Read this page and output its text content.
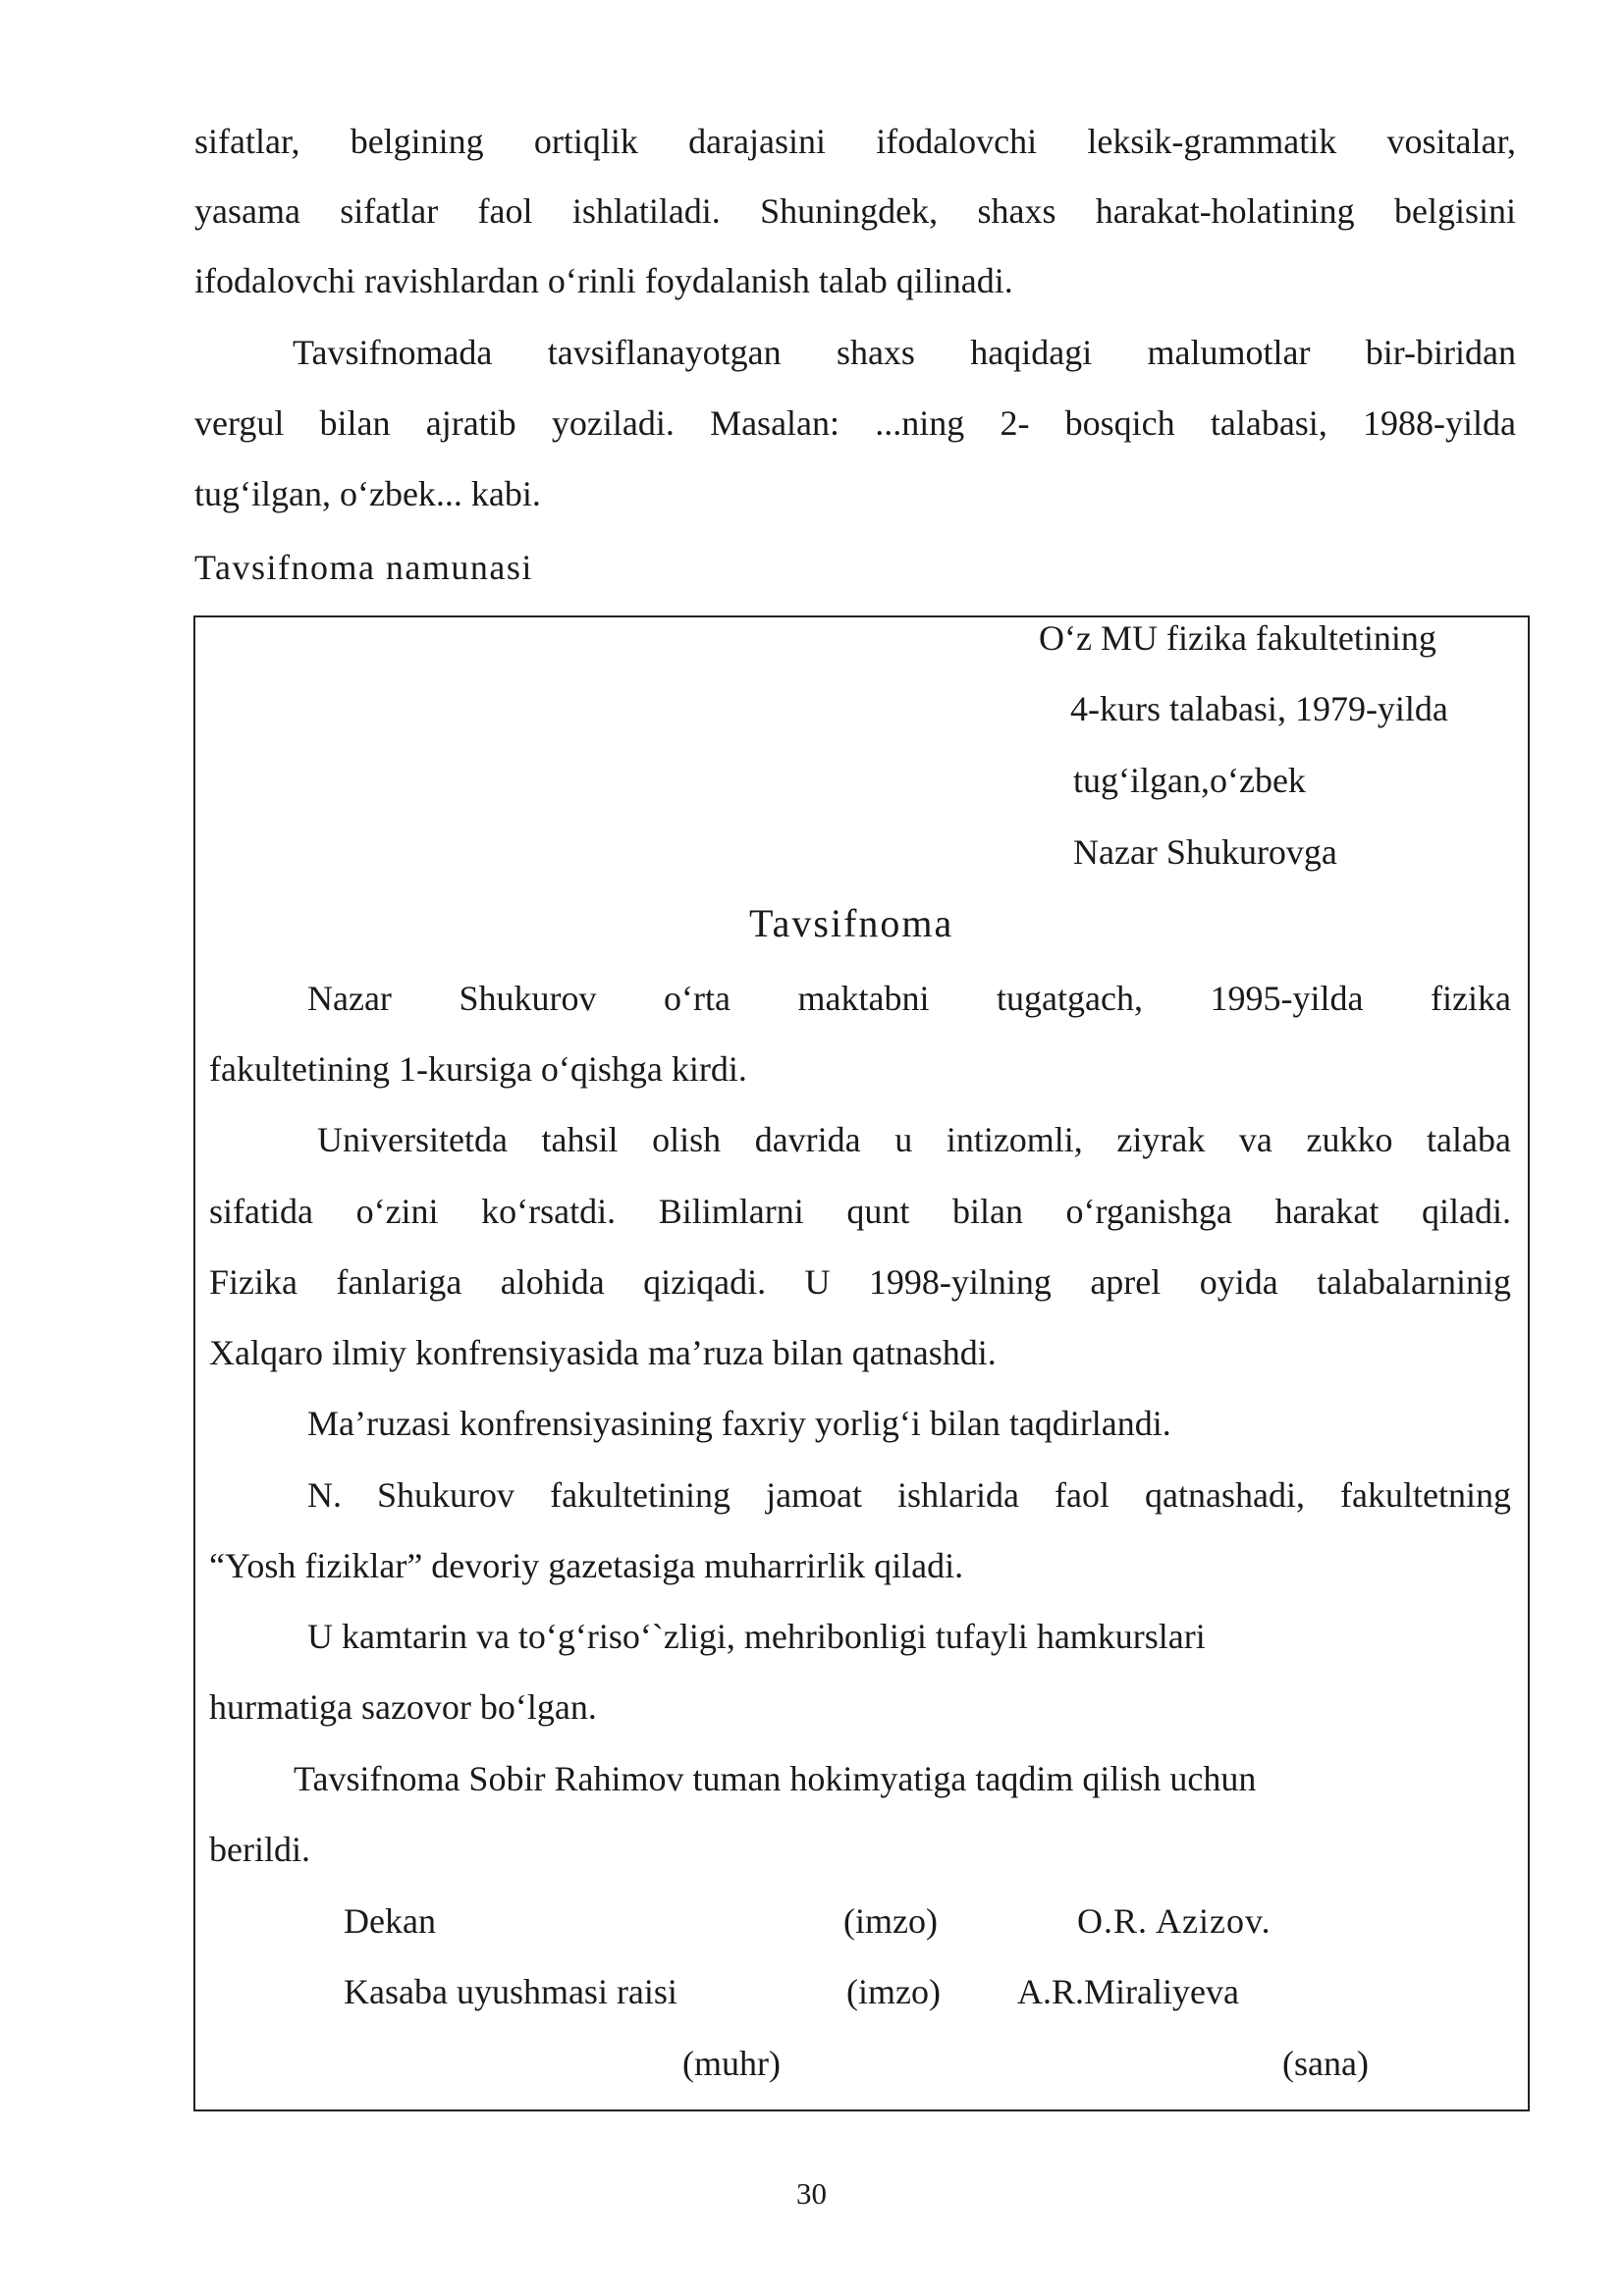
sifatlar, belgining ortiqlik darajasini ifodalovchi leksik-grammatik vositalar,
yasama sifatlar faol ishlatiladi. Shuningdek, shaxs harakat-holatining belgisini
ifodalovchi ravishlardan o‘rinli foydalanish talab qilinadi.
Tavsifnomada tavsiflanayotgan shaxs haqidagi malumotlar bir-biridan
vergul bilan ajratib yoziladi. Masalan: ...ning 2- bosqich talabasi, 1988-yilda
tug‘ilgan, o‘zbek... kabi.
Tavsifnoma namunasi
O‘z MU fizika fakultetining
4-kurs talabasi, 1979-yilda
tug‘ilgan,o‘zbek
Nazar Shukurovga
Tavsifnoma
Nazar Shukurov o‘rta maktabni tugatgach, 1995-yilda fizika
fakultetining 1-kursiga o‘qishga kirdi.
Universitetda tahsil olish davrida u intizomli, ziyrak va zukko talaba
sifatida o‘zini ko‘rsatdi. Bilimlarni qunt bilan o‘rganishga harakat qiladi.
Fizika fanlariga alohida qiziqadi. U 1998-yilning aprel oyida talabalarninig
Xalqaro ilmiy konfrensiyasida ma’ruza bilan qatnashdi.
Ma’ruzasi konfrensiyasining faxriy yorlig‘i bilan taqdirlandi.
N. Shukurov fakultetining jamoat ishlarida faol qatnashadi, fakultetning
“Yosh fiziklar” devoriy gazetasiga muharrirlik qiladi.
U kamtarin va to‘g‘riso‘`zligi, mehribonligi tufayli hamkurslari
hurmatiga sazovor bo‘lgan.
Tavsifnoma Sobir Rahimov tuman hokimyatiga taqdim qilish uchun
berildi.
Dekan	(imzo)	O.R. Azizov.
Kasaba uyushmasi raisi	(imzo) A.R.Miraliyeva
(muhr)	(sana)
30
